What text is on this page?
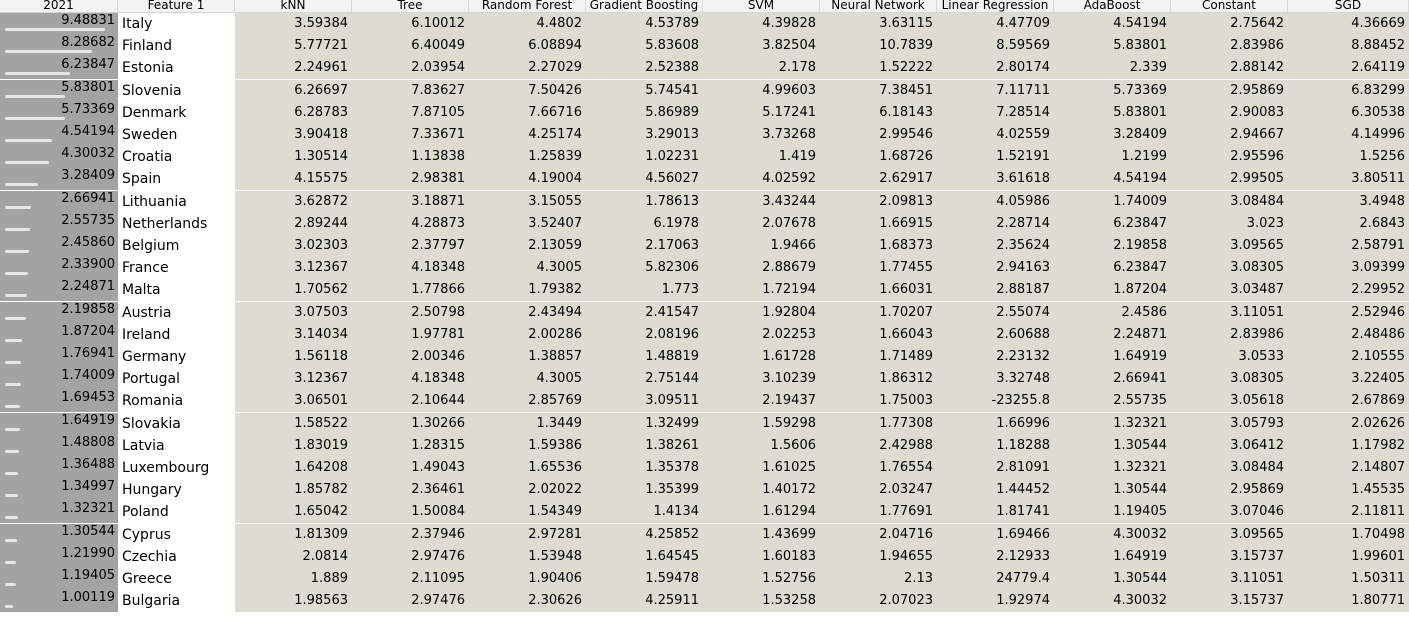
2021	Feature 1	kNN	Tree	Random Forest	Gradient Boosting	SVM	Neural Network	Linear Regression	AdaBoost	Constant	SGD
9.48831 Italy	3.59384	6.10012	4.4802	4.53789	4.39828	3.63115	4.47709	4.54194	2.75642	4.36669
8.28682 Finland	5.77721	6.40049	6.08894	5.83608	3.82504	10.7839	8.59569	5.83801	2.83986	8.88452
6.23847 Estonia	2.24961	2.03954	2.27029	2.52388	2.178	1.52222	2.80174	2.339	2.88142	2.64119
5.83801 Slovenia	6.26697	7.83627	7.50426	5.74541	4.99603	7.38451	7.11711	5.73369	2.95869	6.83299
5.73369 Denmark	6.28783	7.87105	7.66716	5.86989	5.17241	6.18143	7.28514	5.83801	2.90083	6.30538
4.54194 Sweden	3.90418	7.33671	4.25174	3.29013	3.73268	2.99546	4.02559	3.28409	2.94667	4.14996
4.30032 Croatia	1.30514	1.13838	1.25839	1.02231	1.419	1.68726	1.52191	1.2199	2.95596	1.5256
3.28409 Spain	4.15575	2.98381	4.19004	4.56027	4.02592	2.62917	3.61618	4.54194	2.99505	3.80511
2.66941 Lithuania	3.62872	3.18871	3.15055	1.78613	3.43244	2.09813	4.05986	1.74009	3.08484	3.4948
2.55735 Netherlands	2.89244	4.28873	3.52407	6.1978	2.07678	1.66915	2.28714	6.23847	3.023	2.6843
2.45860 Belgium	3.02303	2.37797	2.13059	2.17063	1.9466	1.68373	2.35624	2.19858	3.09565	2.58791
2.33900 France	3.12367	4.18348	4.3005	5.82306	2.88679	1.77455	2.94163	6.23847	3.08305	3.09399
2.24871 Malta	1.70562	1.77866	1.79382	1.773	1.72194	1.66031	2.88187	1.87204	3.03487	2.29952
2.19858 Austria	3.07503	2.50798	2.43494	2.41547	1.92804	1.70207	2.55074	2.4586	3.11051	2.52946
1.87204 Ireland	3.14034	1.97781	2.00286	2.08196	2.02253	1.66043	2.60688	2.24871	2.83986	2.48486
1.76941 Germany	1.56118	2.00346	1.38857	1.48819	1.61728	1.71489	2.23132	1.64919	3.0533	2.10555
1.74009 Portugal	3.12367	4.18348	4.3005	2.75144	3.10239	1.86312	3.32748	2.66941	3.08305	3.22405
1.69453 Romania	3.06501	2.10644	2.85769	3.09511	2.19437	1.75003	-23255.8	2.55735	3.05618	2.67869
1.64919 Slovakia	1.58522	1.30266	1.3449	1.32499	1.59298	1.77308	1.66996	1.32321	3.05793	2.02626
1.48808 Latvia	1.83019	1.28315	1.59386	1.38261	1.5606	2.42988	1.18288	1.30544	3.06412	1.17982
1.36488 Luxembourg	1.64208	1.49043	1.65536	1.35378	1.61025	1.76554	2.81091	1.32321	3.08484	2.14807
1.34997 Hungary	1.85782	2.36461	2.02022	1.35399	1.40172	2.03247	1.44452	1.30544	2.95869	1.45535
1.32321 Poland	1.65042	1.50084	1.54349	1.4134	1.61294	1.77691	1.81741	1.19405	3.07046	2.11811
1.30544 Cyprus	1.81309	2.37946	2.97281	4.25852	1.43699	2.04716	1.69466	4.30032	3.09565	1.70498
1.21990 Czechia	2.0814	2.97476	1.53948	1.64545	1.60183	1.94655	2.12933	1.64919	3.15737	1.99601
1.19405 Greece	1.889	2.11095	1.90406	1.59478	1.52756	2.13	24779.4	1.30544	3.11051	1.50311
1.00119 Bulgaria	1.98563	2.97476	2.30626	4.25911	1.53258	2.07023	1.92974	4.30032	3.15737	1.80771
